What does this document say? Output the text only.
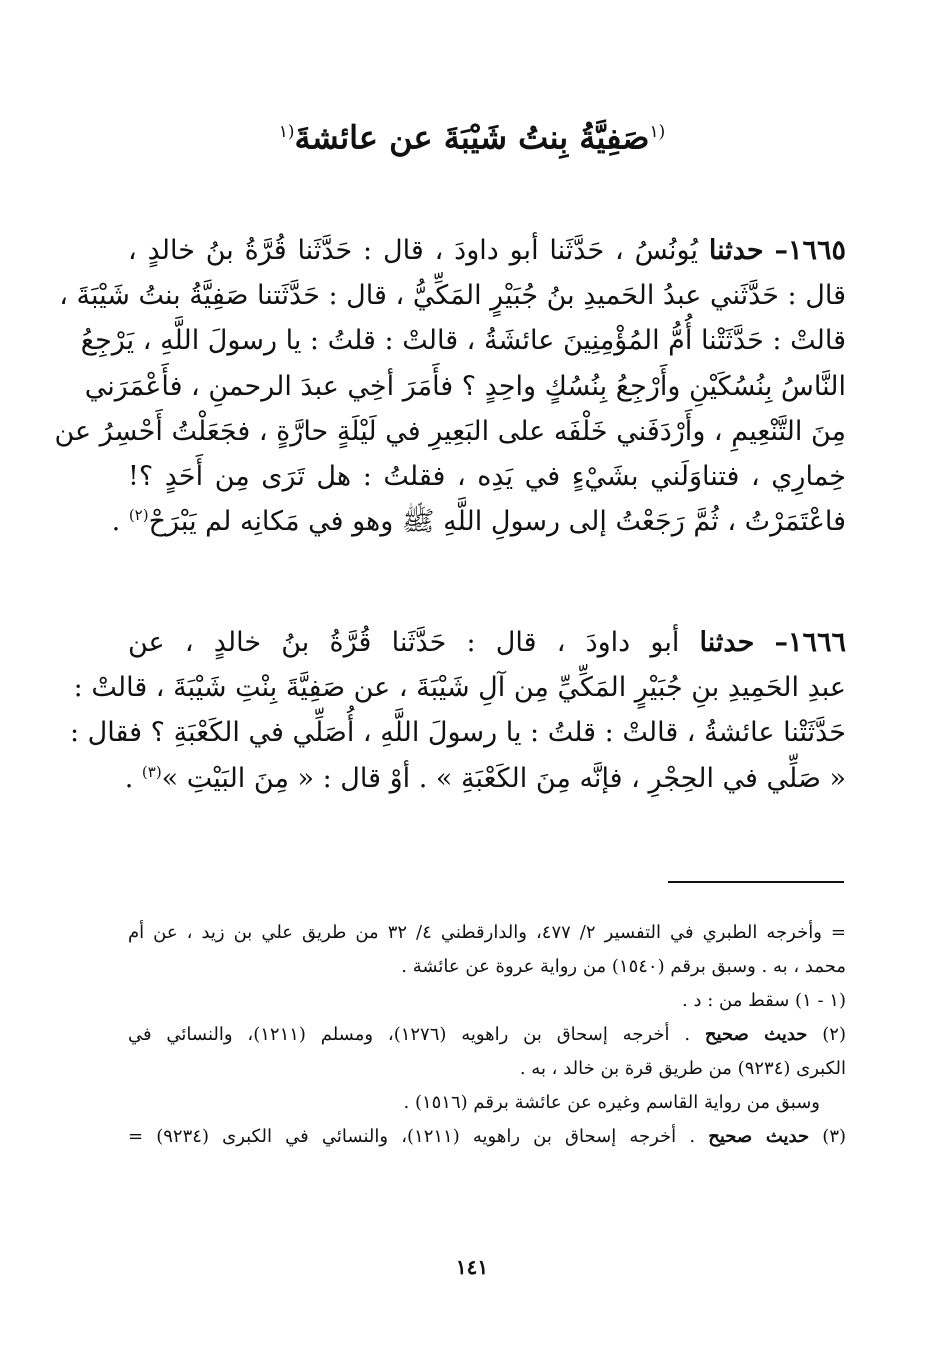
$^{(١}$صَفِيَّةُ بِنتُ شَيْبَةَ عن عائشةَ$^{(١}$
١٦٦٥– حدثنا يُونُسُ ، حَدَّثَنا أبو داودَ ، قال : حَدَّثَنا قُرَّةُ بنُ خالدٍ ،
قال : حَدَّثَني عبدُ الحَميدِ بنُ جُبَيْرٍ المَكِّيُّ ، قال : حَدَّثَتنا صَفِيَّةُ بنتُ شَيْبَةَ ،
قالتْ : حَدَّثَتْنا أُمُّ المُؤْمِنِينَ عائشَةُ ، قالتْ : قلتُ : يا رسولَ اللَّهِ ، يَرْجِعُ
النَّاسُ بِنُسُكَيْنِ وأَرْجِعُ بِنُسُكٍ واحِدٍ ؟ فأَمَرَ أخِي عبدَ الرحمنِ ، فأَعْمَرَني
مِنَ التَّنْعِيمِ ، وأَرْدَفَني خَلْفَه على البَعِيرِ في لَيْلَةٍ حارَّةٍ ، فجَعَلْتُ أَحْسِرُ عن
خِمارِي ، فتناوَلَني بشَيْءٍ في يَدِه ، فقلتُ : هل تَرَى مِن أَحَدٍ ؟!
فاعْتَمَرْتُ ، ثُمَّ رَجَعْتُ إلى رسولِ اللَّهِ ﷺ وهو في مَكانِه لم يَبْرَحْ$^{(٢)}$ .
١٦٦٦– حدثنا أبو داودَ ، قال : حَدَّثَنا قُرَّةُ بنُ خالدٍ ، عن
عبدِ الحَمِيدِ بنِ جُبَيْرٍ المَكِّيِّ مِن آلِ شَيْبَةَ ، عن صَفِيَّةَ بِنْتِ شَيْبَةَ ، قالتْ :
حَدَّثَتْنا عائشةُ ، قالتْ : قلتُ : يا رسولَ اللَّهِ ، أُصَلِّي في الكَعْبَةِ ؟ فقال :
« صَلِّي في الحِجْرِ ، فإنَّه مِنَ الكَعْبَةِ » . أوْ قال : « مِنَ البَيْتِ »$^{(٣)}$ .
= وأخرجه الطبري في التفسير ٢/ ٤٧٧، والدارقطني ٤/ ٣٢ من طريق علي بن زيد ، عن أم
محمد ، به . وسبق برقم (١٥٤٠) من رواية عروة عن عائشة .
(١ - ١) سقط من : د .
(٢) حديث صحيح . أخرجه إسحاق بن راهويه (١٢٧٦)، ومسلم (١٢١١)، والنسائي في
الكبرى (٩٢٣٤) من طريق قرة بن خالد ، به .
وسبق من رواية القاسم وغيره عن عائشة برقم (١٥١٦) .
(٣) حديث صحيح . أخرجه إسحاق بن راهويه (١٢١١)، والنسائي في الكبرى (٩٢٣٤) =
١٤١
